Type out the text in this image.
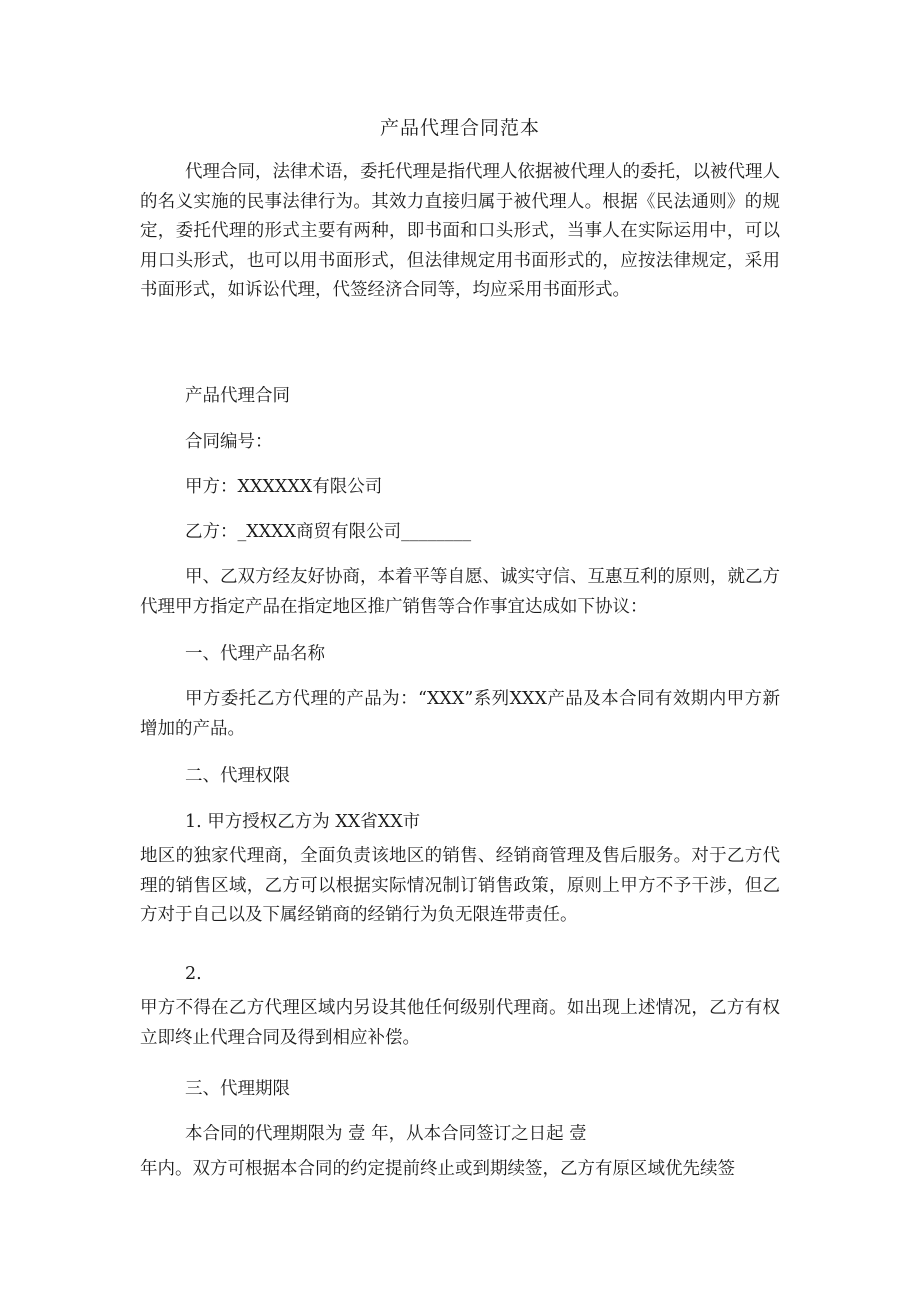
产品代理合同范本
代理合同，法律术语，委托代理是指代理人依据被代理人的委托，以被代理人的名义实施的民事法律行为。其效力直接归属于被代理人。根据《民法通则》的规定，委托代理的形式主要有两种，即书面和口头形式，当事人在实际运用中，可以用口头形式，也可以用书面形式，但法律规定用书面形式的，应按法律规定，采用书面形式，如诉讼代理，代签经济合同等，均应采用书面形式。
产品代理合同
合同编号：
甲方：XXXXXX有限公司
乙方：_XXXX商贸有限公司________
甲、乙双方经友好协商，本着平等自愿、诚实守信、互惠互利的原则，就乙方代理甲方指定产品在指定地区推广销售等合作事宜达成如下协议：
一、代理产品名称
甲方委托乙方代理的产品为：“XXX”系列XXX产品及本合同有效期内甲方新增加的产品。
二、代理权限
1. 甲方授权乙方为 XX省XX市
地区的独家代理商，全面负责该地区的销售、经销商管理及售后服务。对于乙方代理的销售区域，乙方可以根据实际情况制订销售政策，原则上甲方不予干涉，但乙方对于自己以及下属经销商的经销行为负无限连带责任。
2.
甲方不得在乙方代理区域内另设其他任何级别代理商。如出现上述情况，乙方有权立即终止代理合同及得到相应补偿。
三、代理期限
本合同的代理期限为 壹 年，从本合同签订之日起 壹
年内。双方可根据本合同的约定提前终止或到期续签，乙方有原区域优先续签
